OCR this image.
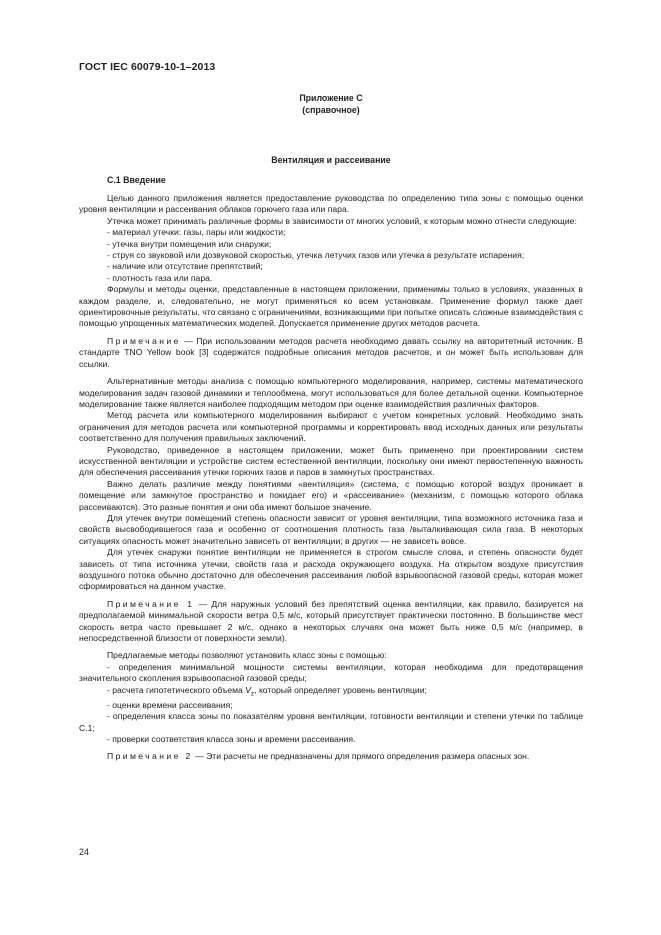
ГОСТ IEC 60079-10-1–2013
Приложение С
(справочное)
Вентиляция и рассеивание
С.1 Введение

Целью данного приложения является предоставление руководства по определению типа зоны с помощью оценки уровня вентиляции и рассеивания облаков горючего газа или пара.

Утечка может принимать различные формы в зависимости от многих условий, к которым можно отнести следующие:

- материал утечки: газы, пары или жидкости;

- утечка внутри помещения или снаружи;

- струя со звуковой или дозвуковой скоростью, утечка летучих газов или утечка в результате испарения;

- наличие или отсутствие препятствий;

- плотность газа или пара.

Формулы и методы оценки, представленные в настоящем приложении, применимы только в условиях, указанных в каждом разделе, и, следовательно, не могут применяться ко всем установкам. Применение формул также дает ориентировочные результаты, что связано с ограничениями, возникающими при попытке описать сложные взаимодействия с помощью упрощенных математических моделей. Допускается применение других методов расчета.

Примечание — При использовании методов расчета необходимо давать ссылку на авторитетный источник. В стандарте TNO Yellow book [3] содержатся подробные описания методов расчетов, и он может быть использован для ссылки.

Альтернативные методы анализа с помощью компьютерного моделирования, например, системы математического моделирования задач газовой динамики и теплообмена, могут использоваться для более детальной оценки. Компьютерное моделирование также является наиболее подходящим методом при оценке взаимодействия различных факторов.

Метод расчета или компьютерного моделирования выбирают с учетом конкретных условий. Необходимо знать ограничения для методов расчета или компьютерной программы и корректировать ввод исходных данных или результаты соответственно для получения правильных заключений.

Руководство, приведенное в настоящем приложении, может быть применено при проектировании систем искусственной вентиляции и устройстве систем естественной вентиляции, поскольку они имеют первостепенную важность для обеспечения рассеивания утечки горючих газов и паров в замкнутых пространствах.

Важно делать различие между понятиями «вентиляция» (система, с помощью которой воздух проникает в помещение или замкнутое пространство и покидает его) и «рассеивание» (механизм, с помощью которого облака рассеиваются). Это разные понятия и они оба имеют большое значение.

Для утечек внутри помещений степень опасности зависит от уровня вентиляции, типа возможного источника газа и свойств высвободившегося газа и особенно от соотношения плотность газа /выталкивающая сила газа. В некоторых ситуациях опасность может значительно зависеть от вентиляции; в других — не зависеть вовсе.

Для утечек снаружи понятие вентиляции не применяется в строгом смысле слова, и степень опасности будет зависеть от типа источника утечки, свойств газа и расхода окружающего воздуха. На открытом воздухе присутствия воздушного потока обычно достаточно для обеспечения рассеивания любой взрывоопасной газовой среды, которая может сформироваться на данном участке.

Примечание 1 — Для наружных условий без препятствий оценка вентиляции, как правило, базируется на предполагаемой минимальной скорости ветра 0,5 м/с, который присутствует практически постоянно. В большинстве мест скорость ветра часто превышает 2 м/с, однако в некоторых случаях она может быть ниже 0,5 м/с (например, в непосредственной близости от поверхности земли).

Предлагаемые методы позволяют установить класс зоны с помощью:

- определения минимальной мощности системы вентиляции, которая необходима для предотвращения значительного скопления взрывоопасной газовой среды;

- расчета гипотетического объема $V_z$, который определяет уровень вентиляции;

- оценки времени рассеивания;

- определения класса зоны по показателям уровня вентиляции, готовности вентиляции и степени утечки по таблице С.1;

- проверки соответствия класса зоны и времени рассеивания.

Примечание 2 — Эти расчеты не предназначены для прямого определения размера опасных зон.

24
